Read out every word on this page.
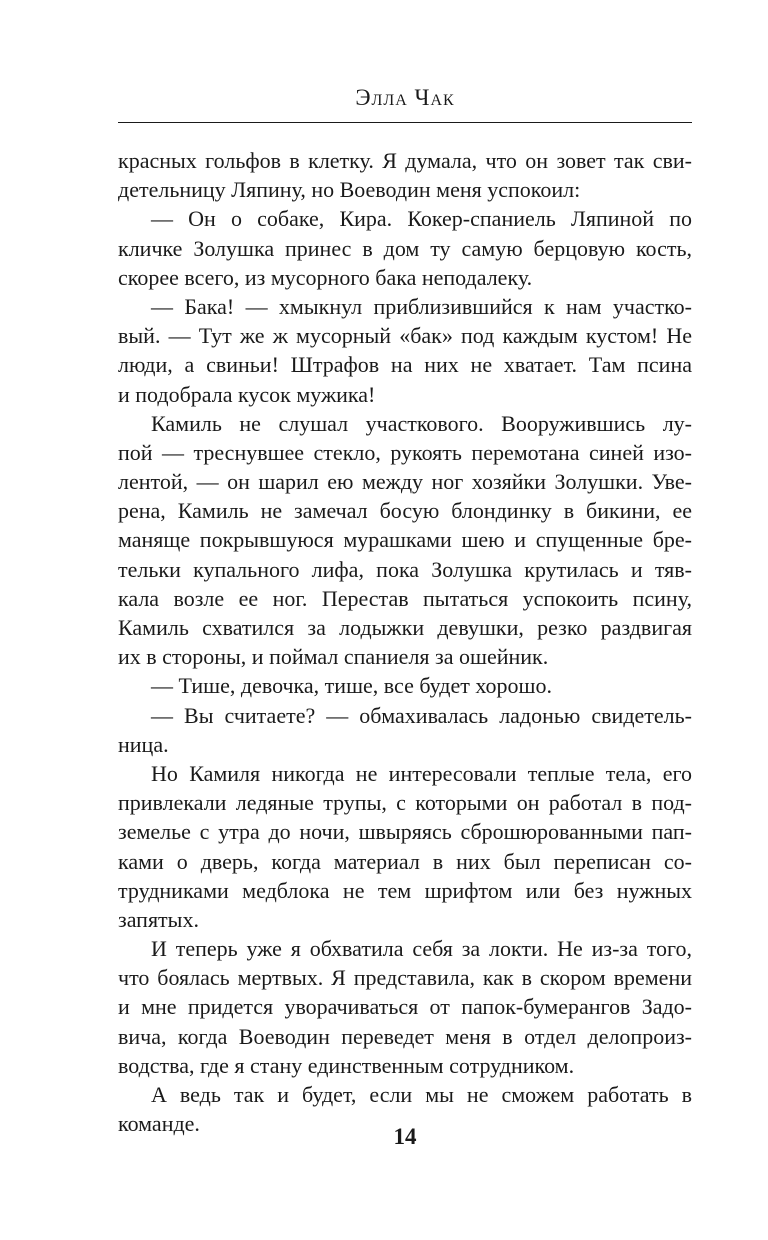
Элла Чак
красных гольфов в клетку. Я думала, что он зовет так сви-
детельницу Ляпину, но Воеводин меня успокоил:
— Он о собаке, Кира. Кокер-спаниель Ляпиной по
кличке Золушка принес в дом ту самую берцовую кость,
скорее всего, из мусорного бака неподалеку.
— Бака! — хмыкнул приблизившийся к нам участко-
вый. — Тут же ж мусорный «бак» под каждым кустом! Не
люди, а свиньи! Штрафов на них не хватает. Там псина
и подобрала кусок мужика!
Камиль не слушал участкового. Вооружившись лу-
пой — треснувшее стекло, рукоять перемотана синей изо-
лентой, — он шарил ею между ног хозяйки Золушки. Уве-
рена, Камиль не замечал босую блондинку в бикини, ее
маняще покрывшуюся мурашками шею и спущенные бре-
тельки купального лифа, пока Золушка крутилась и тяв-
кала возле ее ног. Перестав пытаться успокоить псину,
Камиль схватился за лодыжки девушки, резко раздвигая
их в стороны, и поймал спаниеля за ошейник.
— Тише, девочка, тише, все будет хорошо.
— Вы считаете? — обмахивалась ладонью свидетель-
ница.
Но Камиля никогда не интересовали теплые тела, его
привлекали ледяные трупы, с которыми он работал в под-
земелье с утра до ночи, швыряясь сброшюрованными пап-
ками о дверь, когда материал в них был переписан со-
трудниками медблока не тем шрифтом или без нужных
запятых.
И теперь уже я обхватила себя за локти. Не из-за того,
что боялась мертвых. Я представила, как в скором времени
и мне придется уворачиваться от папок-бумерангов Задо-
вича, когда Воеводин переведет меня в отдел делопроиз-
водства, где я стану единственным сотрудником.
А ведь так и будет, если мы не сможем работать в
команде.
14
